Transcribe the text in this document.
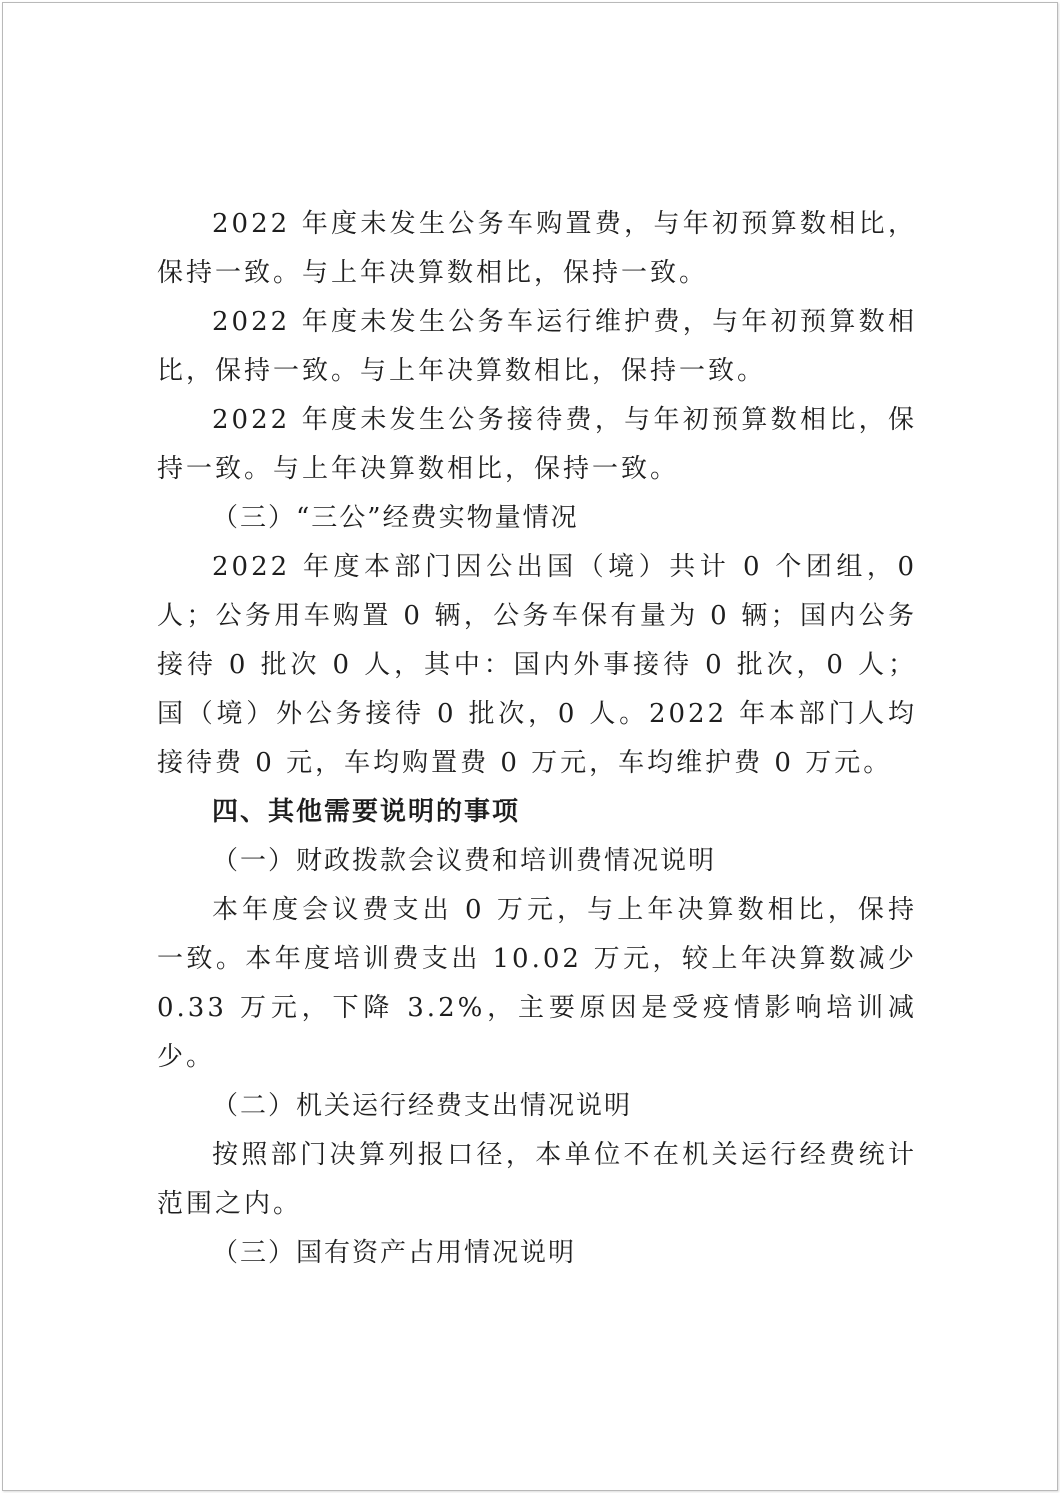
2022 年度未发生公务车购置费，与年初预算数相比，保持一致。与上年决算数相比，保持一致。

2022 年度未发生公务车运行维护费，与年初预算数相比，保持一致。与上年决算数相比，保持一致。

2022 年度未发生公务接待费，与年初预算数相比，保持一致。与上年决算数相比，保持一致。

（三）“三公”经费实物量情况

2022 年度本部门因公出国（境）共计 0 个团组，0 人；公务用车购置 0 辆，公务车保有量为 0 辆；国内公务接待 0 批次 0 人，其中：国内外事接待 0 批次，0 人；国（境）外公务接待 0 批次，0 人。2022 年本部门人均接待费 0 元，车均购置费 0 万元，车均维护费 0 万元。

四、其他需要说明的事项

（一）财政拨款会议费和培训费情况说明

本年度会议费支出 0 万元，与上年决算数相比，保持一致。本年度培训费支出 10.02 万元，较上年决算数减少 0.33 万元，下降 3.2%，主要原因是受疫情影响培训减少。

（二）机关运行经费支出情况说明

按照部门决算列报口径，本单位不在机关运行经费统计范围之内。

（三）国有资产占用情况说明
